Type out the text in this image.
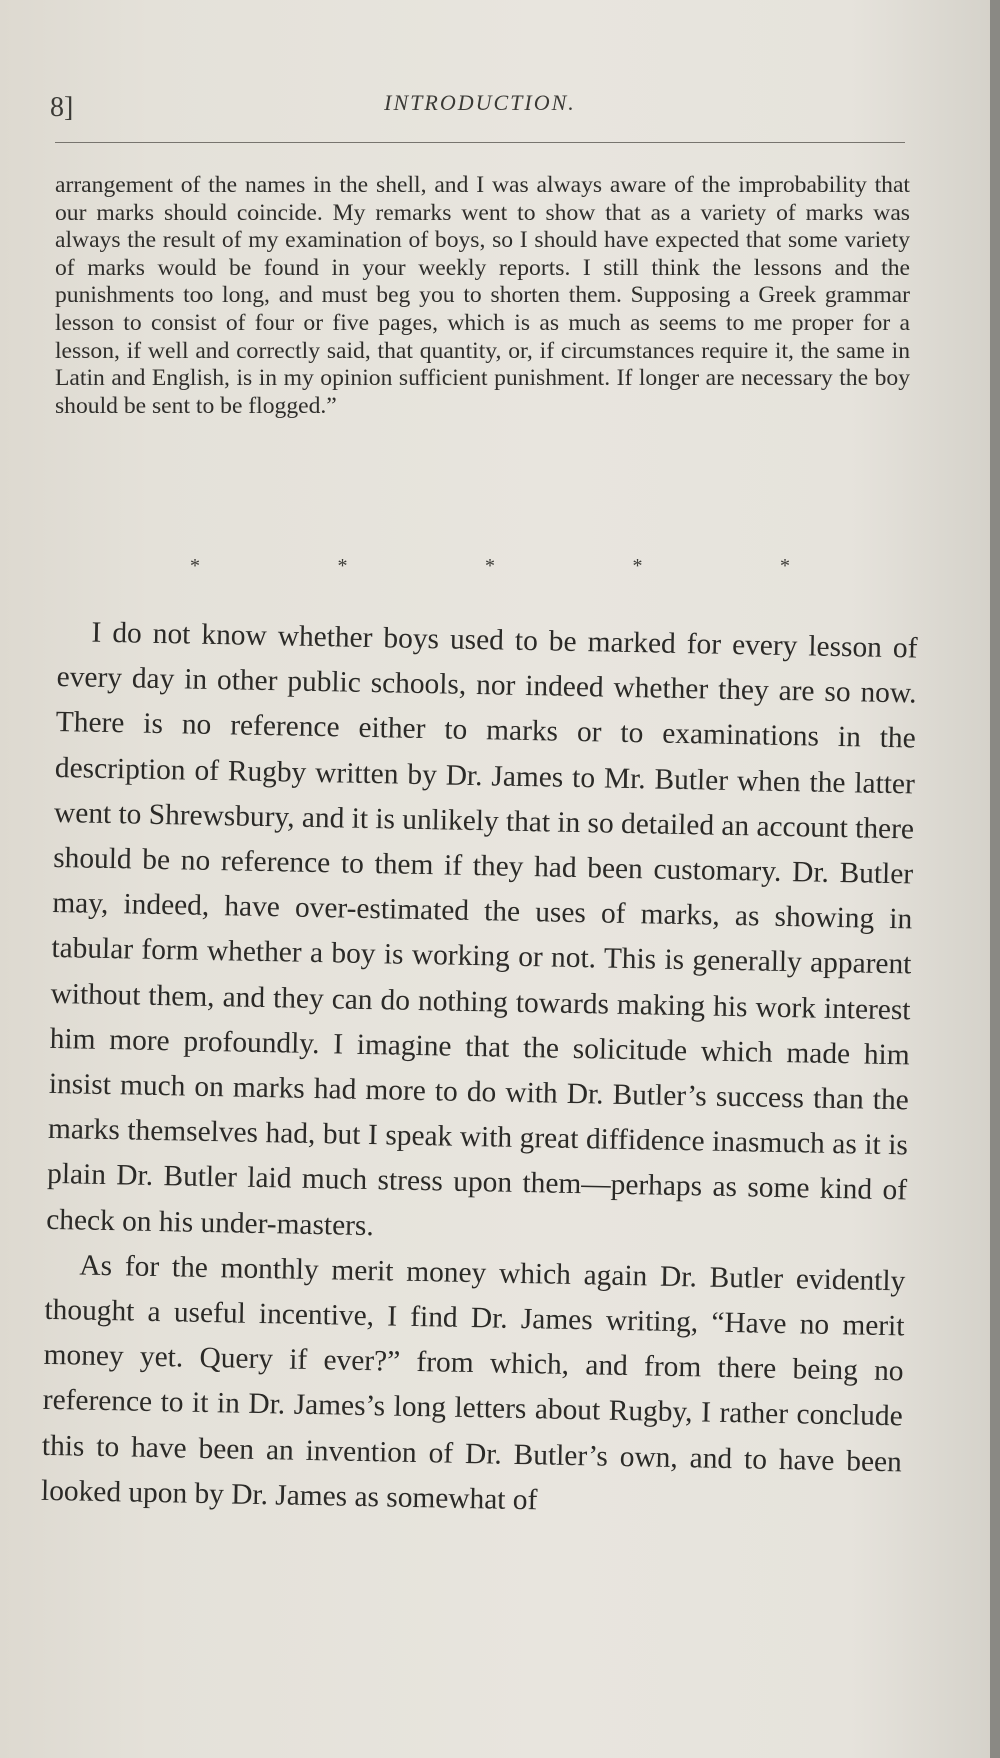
8]	INTRODUCTION.

arrangement of the names in the shell, and I was always aware of the improbability that our marks should coincide. My remarks went to show that as a variety of marks was always the result of my examination of boys, so I should have expected that some variety of marks would be found in your weekly reports. I still think the lessons and the punishments too long, and must beg you to shorten them. Supposing a Greek grammar lesson to consist of four or five pages, which is as much as seems to me proper for a lesson, if well and correctly said, that quantity, or, if circumstances require it, the same in Latin and English, is in my opinion sufficient punishment. If longer are necessary the boy should be sent to be flogged.”

*	*	*	*	*

I do not know whether boys used to be marked for every lesson of every day in other public schools, nor indeed whether they are so now. There is no reference either to marks or to examinations in the description of Rugby written by Dr. James to Mr. Butler when the latter went to Shrewsbury, and it is unlikely that in so detailed an account there should be no reference to them if they had been customary. Dr. Butler may, indeed, have over-estimated the uses of marks, as showing in tabular form whether a boy is working or not. This is generally apparent without them, and they can do nothing towards making his work interest him more profoundly. I imagine that the solicitude which made him insist much on marks had more to do with Dr. Butler’s success than the marks themselves had, but I speak with great diffidence inasmuch as it is plain Dr. Butler laid much stress upon them—perhaps as some kind of check on his under-masters.

As for the monthly merit money which again Dr. Butler evidently thought a useful incentive, I find Dr. James writing, “Have no merit money yet. Query if ever?” from which, and from there being no reference to it in Dr. James’s long letters about Rugby, I rather conclude this to have been an invention of Dr. Butler’s own, and to have been looked upon by Dr. James as somewhat of
